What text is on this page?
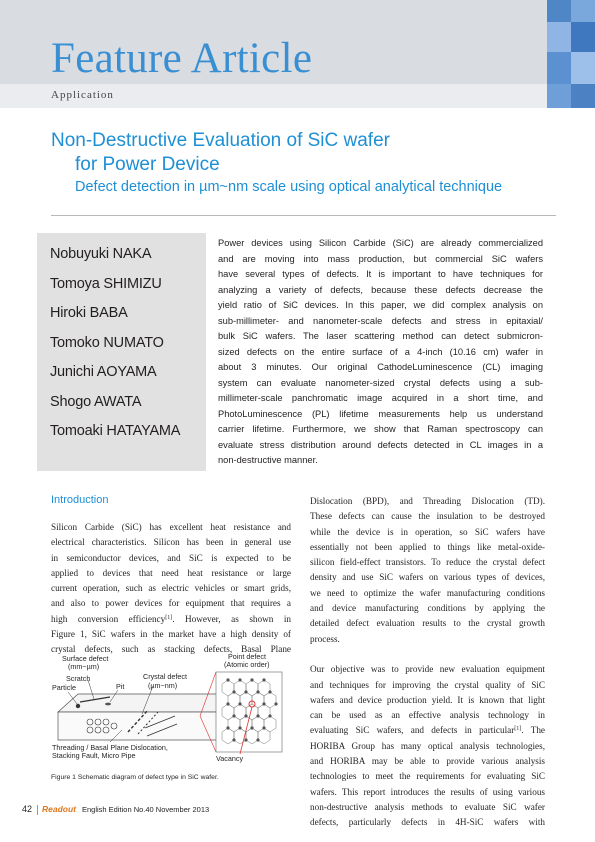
Feature Article
Application
Non-Destructive Evaluation of SiC wafer
for Power Device
Defect detection in µm~nm scale using optical analytical technique
Nobuyuki NAKA
Tomoya SHIMIZU
Hiroki BABA
Tomoko NUMATO
Junichi AOYAMA
Shogo AWATA
Tomoaki HATAYAMA
Power devices using Silicon Carbide (SiC) are already commercialized
and are moving into mass production, but commercial SiC wafers
have several types of defects. It is important to have techniques for
analyzing a variety of defects, because these defects decrease the
yield ratio of SiC devices. In this paper, we did complex analysis on
sub-millimeter- and nanometer-scale defects and stress in epitaxial/
bulk SiC wafers. The laser scattering method can detect submicron-
sized defects on the entire surface of a 4-inch (10.16 cm) wafer in
about 3 minutes. Our original CathodeLuminescence (CL) imaging
system can evaluate nanometer-sized crystal defects using a sub-
millimeter-scale panchromatic image acquired in a short time, and
PhotoLuminescence (PL) lifetime measurements help us understand
carrier lifetime. Furthermore, we show that Raman spectroscopy can
evaluate stress distribution around defects detected in CL images in a
non-destructive manner.
Introduction
Silicon Carbide (SiC) has excellent heat resistance and
electrical characteristics. Silicon has been in general use
in semiconductor devices, and SiC is expected to be
applied to devices that need heat resistance or large
current operation, such as electric vehicles or smart grids,
and also to power devices for equipment that requires a
high conversion efficiency[1]. However, as shown in
Figure 1, SiC wafers in the market have a high density of
crystal defects, such as stacking defects, Basal Plane
Surface defect
(mm~µm)
Scratch
Particle	Pit
Crystal defect
(µm~nm)
Point defect
(Atomic order)
Threading / Basal Plane Dislocation,
Stacking Fault, Micro Pipe	Vacancy
Figure 1 Schematic diagram of defect type in SiC wafer.
Dislocation (BPD), and Threading Dislocation (TD).
These defects can cause the insulation to be destroyed
while the device is in operation, so SiC wafers have
essentially not been applied to things like metal-oxide-
silicon field-effect transistors. To reduce the crystal defect
density and use SiC wafers on various types of devices,
we need to optimize the wafer manufacturing conditions
and device manufacturing conditions by applying the
detailed defect evaluation results to the crystal growth
process.
Our objective was to provide new evaluation equipment
and techniques for improving the crystal quality of SiC
wafers and device production yield. It is known that light
can be used as an effective analysis technology in
evaluating SiC wafers, and defects in particular[1]. The
HORIBA Group has many optical analysis technologies,
and HORIBA may be able to provide various analysis
technologies to meet the requirements for evaluating SiC
wafers. This report introduces the results of using various
non-destructive analysis methods to evaluate SiC wafer
defects, particularly defects in 4H-SiC wafers with
42 Readout English Edition No.40 November 2013
